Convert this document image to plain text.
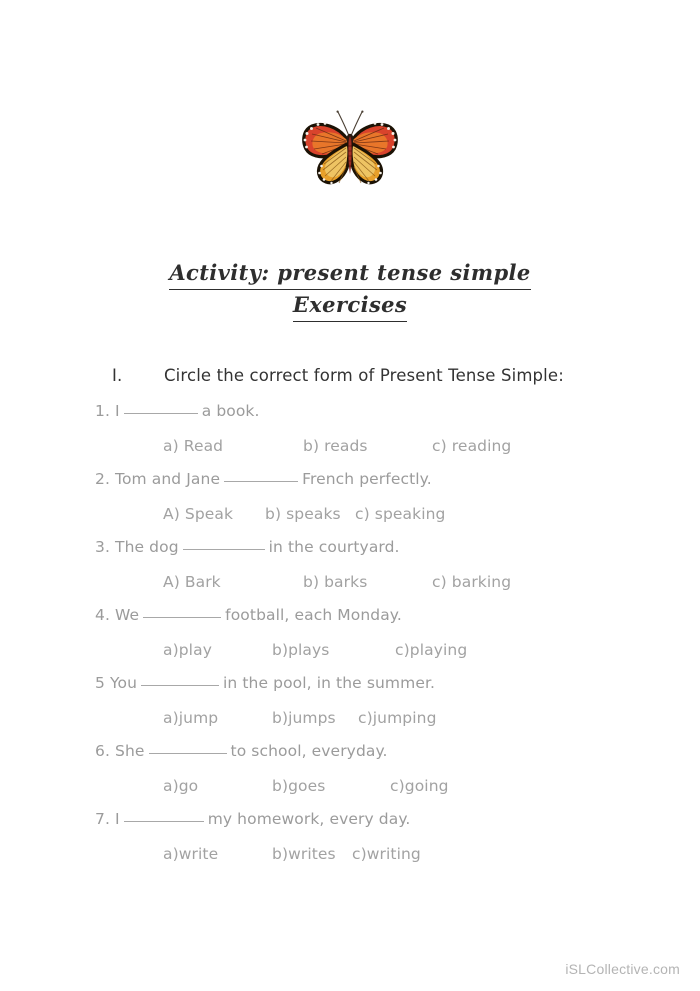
Activity: present tense simple
Exercises
I.	Circle the correct form of Present Tense Simple:
1. I	a book.
a) Read	b) reads	c) reading
2. Tom and Jane	French perfectly.
A) Speak b) speaks c) speaking
3. The dog	in the courtyard.
A) Bark	b) barks	c) barking
4. We	football, each Monday.
a)play	b)plays	c)playing
5 You	in the pool, in the summer.
a)jump	b)jumps c)jumping
6. She	to school, everyday.
a)go	b)goes	c)going
7. I	my homework, every day.
a)write	b)writes c)writing
iSLCollective.com
